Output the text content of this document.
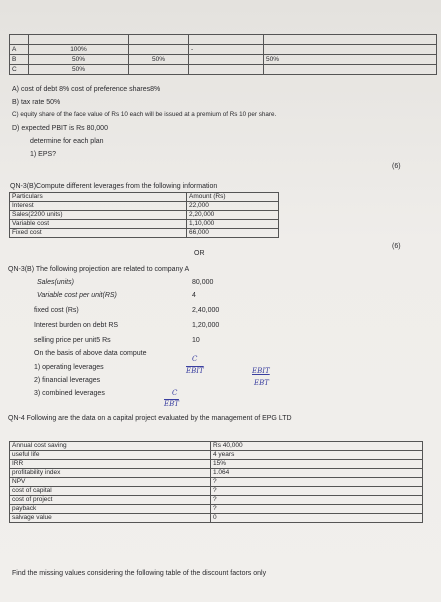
A	100%		-	
B	50%	50%		50%
C	50%			
A) cost of debt 8% cost of preference shares8%
B) tax rate 50%
C) equity share of the face value of Rs 10 each will be issued at a premium of Rs 10 per share.
D) expected PBIT is Rs 80,000
determine for each plan
1) EPS?
(6)
QN-3(B)Compute different leverages from the following information
Particulars	Amount (Rs)
Interest	22,000
Sales(2200 units)	2,20,000
Variable cost	1,10,000
Fixed cost	66,000
OR
(6)
QN-3(B) The following projection are related to company A
Sales(units)	80,000
Variable cost per unit(RS)	4
fixed cost (Rs)	2,40,000
Interest burden on debt RS	1,20,000
selling price per unit5 Rs	10
On the basis of above data compute
1) operating leverages
2) financial leverages
3) combined leverages
C
EBIT	EBIT
EBT
C
$\overline{EBT}$
QN-4 Following are the data on a capital project evaluated by the management of EPG LTD
Annual cost saving	Rs 40,000
useful life	4 years
IRR	15%
profitability index	1.064
NPV	?
cost of capital	?
cost of project	?
payback	?
salvage value	0
Find the missing values considering the following table of the discount factors only
